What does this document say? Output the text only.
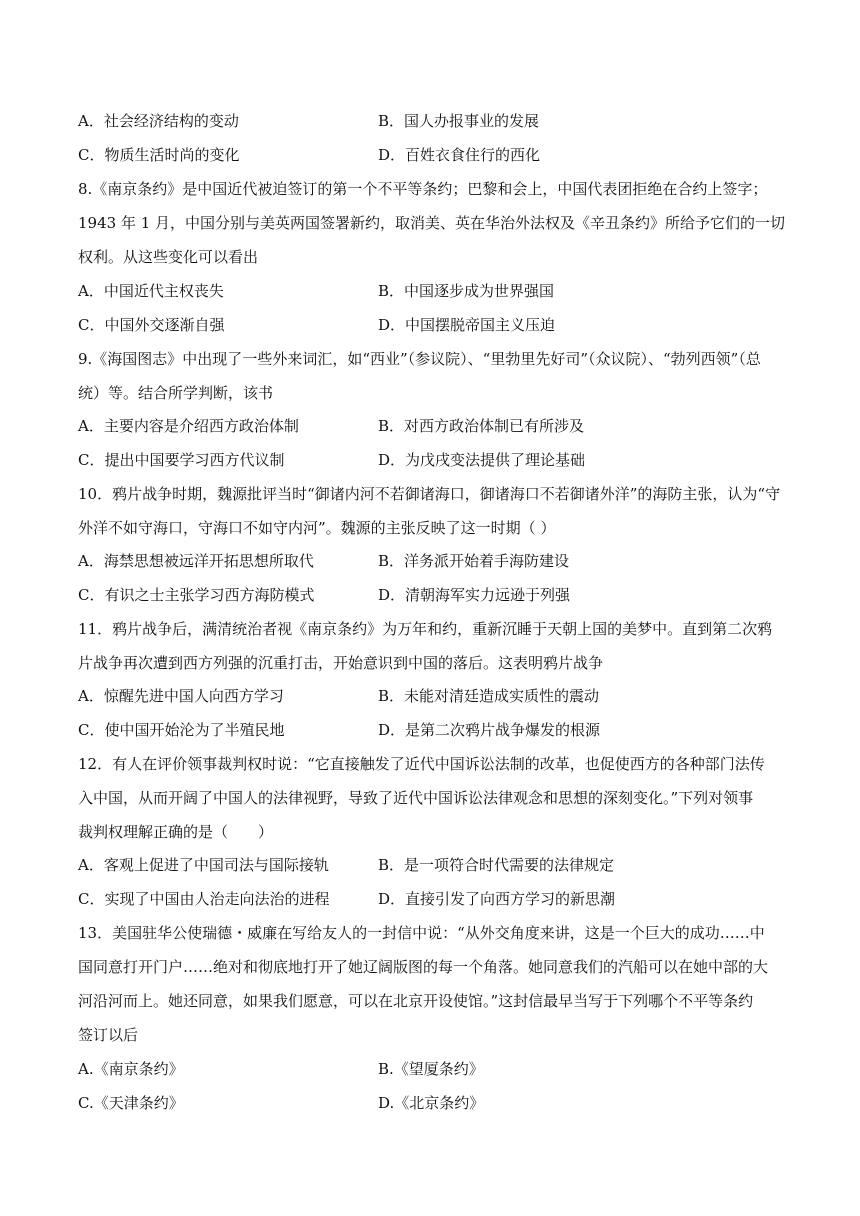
A．社会经济结构的变动	B．国人办报事业的发展
C．物质生活时尚的变化	D．百姓衣食住行的西化
8.《南京条约》是中国近代被迫签订的第一个不平等条约；巴黎和会上，中国代表团拒绝在合约上签字；
1943 年 1 月，中国分别与美英两国签署新约，取消美、英在华治外法权及《辛丑条约》所给予它们的一切
权利。从这些变化可以看出
A．中国近代主权丧失	B．中国逐步成为世界强国
C．中国外交逐渐自强	D．中国摆脱帝国主义压迫
9.《海国图志》中出现了一些外来词汇，如“西业”（参议院）、“里勃里先好司”（众议院）、“勃列西领”（总
统）等。结合所学判断，该书
A．主要内容是介绍西方政治体制	B．对西方政治体制已有所涉及
C．提出中国要学习西方代议制	D．为戊戌变法提供了理论基础
10．鸦片战争时期，魏源批评当时“御诸内河不若御诸海口，御诸海口不若御诸外洋”的海防主张，认为“守
外洋不如守海口，守海口不如守内河”。魏源的主张反映了这一时期（ ）
A．海禁思想被远洋开拓思想所取代	B．洋务派开始着手海防建设
C．有识之士主张学习西方海防模式	D．清朝海军实力远逊于列强
11．鸦片战争后，满清统治者视《南京条约》为万年和约，重新沉睡于天朝上国的美梦中。直到第二次鸦
片战争再次遭到西方列强的沉重打击，开始意识到中国的落后。这表明鸦片战争
A．惊醒先进中国人向西方学习	B．未能对清廷造成实质性的震动
C．使中国开始沦为了半殖民地	D．是第二次鸦片战争爆发的根源
12．有人在评价领事裁判权时说：“它直接触发了近代中国诉讼法制的改革，也促使西方的各种部门法传
入中国，从而开阔了中国人的法律视野，导致了近代中国诉讼法律观念和思想的深刻变化。”下列对领事
裁判权理解正确的是（　　）
A．客观上促进了中国司法与国际接轨	B．是一项符合时代需要的法律规定
C．实现了中国由人治走向法治的进程	D．直接引发了向西方学习的新思潮
13．美国驻华公使瑞德・威廉在写给友人的一封信中说：“从外交角度来讲，这是一个巨大的成功……中
国同意打开门户……绝对和彻底地打开了她辽阔版图的每一个角落。她同意我们的汽船可以在她中部的大
河沿河而上。她还同意，如果我们愿意，可以在北京开设使馆。”这封信最早当写于下列哪个不平等条约
签订以后
A.《南京条约》	B.《望厦条约》
C.《天津条约》	D.《北京条约》
